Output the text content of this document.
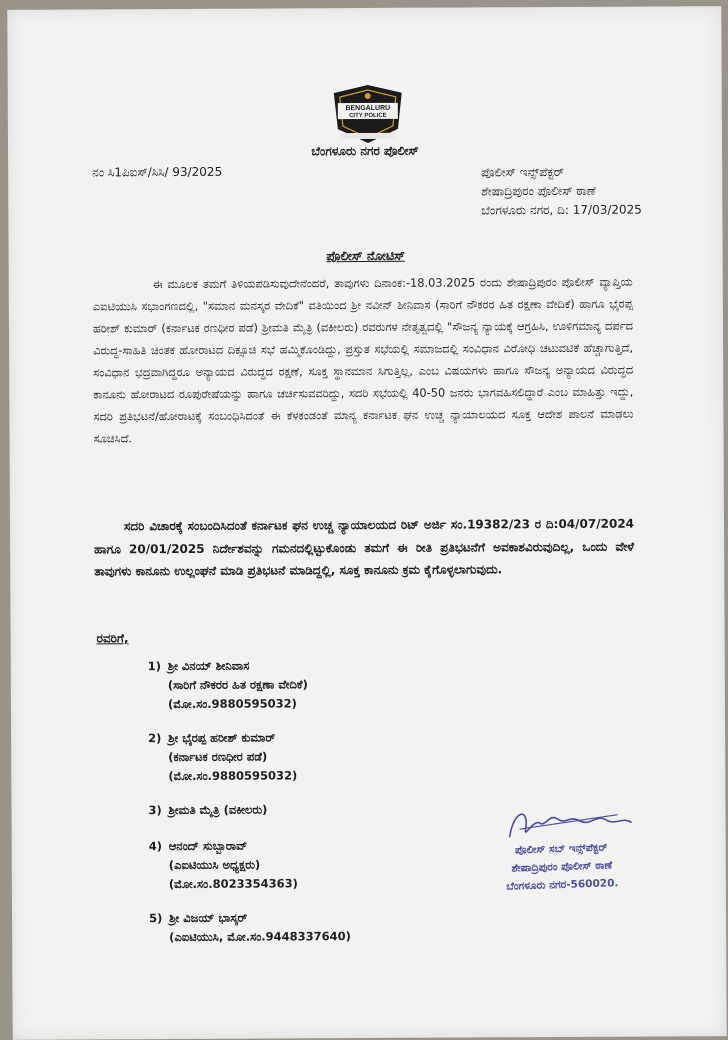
BENGALURU
CITY POLICE
ಬೆಂಗಳೂರು ನಗರ ಪೊಲೀಸ್
ನಂ ಸಿ1ಪಿಐಸ್/ಸಿಸಿ/ 93/2025	ಪೊಲೀಸ್ ಇನ್ಸ್‌ಪೆಕ್ಟರ್
ಶೇಷಾದ್ರಿಪುರಂ ಪೊಲೀಸ್ ಠಾಣೆ
ಬೆಂಗಳೂರು ನಗರ, ದಿ: 17/03/2025
ಪೊಲೀಸ್ ನೋಟಿಸ್
ಈ ಮೂಲಕ ತಮಗೆ ತಿಳಿಯಪಡಿಸುವುದೇನೆಂದರೆ, ತಾವುಗಳು ದಿನಾಂಕ:-18.03.2025 ರಂದು ಶೇಷಾದ್ರಿಪುರಂ ಪೊಲೀಸ್ ವ್ಯಾಪ್ತಿಯ ಎಐಟಿಯುಸಿ ಸಭಾಂಗಣದಲ್ಲಿ, "ಸಮಾನ ಮನಸ್ಕರ ವೇದಿಕೆ" ವತಿಯಿಂದ ಶ್ರೀ ನವೀನ್ ಶೀನಿವಾಸ (ಸಾರಿಗೆ ನೌಕರರ ಹಿತ ರಕ್ಷಣಾ ವೇದಿಕೆ) ಹಾಗೂ ಭೈರಪ್ಪ ಹರೀಶ್ ಕುಮಾರ್ (ಕರ್ನಾಟಕ ರಣಧೀರ ಪಡೆ) ಶ್ರೀಮತಿ ಮೈತ್ರಿ (ವಕೀಲರು) ರವರುಗಳ ನೇತೃತ್ವದಲ್ಲಿ "ಸೌಜನ್ಯ ನ್ಯಾಯಕ್ಕೆ ಆಗ್ರಹಿಸಿ, ಊಳಿಗಮಾನ್ಯ ದರ್ಪದ ವಿರುದ್ಧ-ಸಾಹಿತಿ ಚಿಂತಕ ಹೋರಾಟದ ದಿಕ್ಸೂಚಿ ಸಭೆ ಹಮ್ಮಿಕೊಂಡಿದ್ದು, ಪ್ರಸ್ತುತ ಸಭೆಯಲ್ಲಿ ಸಮಾಜದಲ್ಲಿ ಸಂವಿಧಾನ ವಿರೋಧಿ ಚಟುವಟಿಕೆ ಹೆಚ್ಚಾಗುತ್ತಿದೆ, ಸಂವಿಧಾನ ಭದ್ರವಾಗಿದ್ದರೂ ಅನ್ಯಾಯದ ವಿರುದ್ಧದ ರಕ್ಷಣೆ, ಸೂಕ್ತ ಸ್ಥಾನಮಾನ ಸಿಗುತ್ತಿಲ್ಲ, ಎಂಬ ವಿಷಯಗಳು ಹಾಗೂ ಸೌಜನ್ಯ ಅನ್ಯಾಯದ ವಿರುದ್ಧದ ಕಾನೂನು ಹೋರಾಟದ ರೂಪುರೇಷೆಯನ್ನು ಹಾಗೂ ಚರ್ಚಿಸುವವರಿದ್ದು, ಸದರಿ ಸಭೆಯಲ್ಲಿ 40-50 ಜನರು ಭಾಗವಹಿಸಲಿದ್ದಾರೆ ಎಂಬ ಮಾಹಿತ್ತು ಇದ್ದು, ಸದರಿ ಪ್ರತಿಭಟನೆ/ಹೋರಾಟಕ್ಕೆ ಸಂಬಂಧಿಸಿದಂತೆ ಈ ಕೆಳಕಂಡಂತೆ ಮಾನ್ಯ ಕರ್ನಾಟಕ ಘನ ಉಚ್ಚ ನ್ಯಾಯಾಲಯದ ಸೂಕ್ತ ಆದೇಶ ಪಾಲನೆ ಮಾಡಲು ಸೂಚಿಸಿದೆ.
ಸದರಿ ವಿಚಾರಕ್ಕೆ ಸಂಬಂದಿಸಿದಂತೆ ಕರ್ನಾಟಕ ಘನ ಉಚ್ಚ ನ್ಯಾಯಾಲಯದ ರಿಟ್ ಅರ್ಜಿ ಸಂ.19382/23 ರ ದಿ:04/07/2024 ಹಾಗೂ 20/01/2025 ನಿರ್ದೇಶವನ್ನು ಗಮನದಲ್ಲಿಟ್ಟುಕೊಂಡು ತಮಗೆ ಈ ರೀತಿ ಪ್ರತಿಭಟನೆಗೆ ಅವಕಾಶವಿರುವುದಿಲ್ಲ, ಒಂದು ವೇಳೆ ತಾವುಗಳು ಕಾನೂನು ಉಲ್ಲಂಘನೆ ಮಾಡಿ ಪ್ರತಿಭಟನೆ ಮಾಡಿದ್ದಲ್ಲಿ, ಸೂಕ್ತ ಕಾನೂನು ಕ್ರಮ ಕೈಗೊಳ್ಳಲಾಗುವುದು.
ರವರಿಗೆ,
1) ಶ್ರೀ ವಿನಯ್ ಶೀನಿವಾಸ
(ಸಾರಿಗೆ ನೌಕರರ ಹಿತ ರಕ್ಷಣಾ ವೇದಿಕೆ)
(ಮೋ.ಸಂ.9880595032)
2) ಶ್ರೀ ಭೈರಪ್ಪ ಹರೀಶ್ ಕುಮಾರ್
(ಕರ್ನಾಟಕ ರಣಧೀರ ಪಡೆ)
(ಮೋ.ಸಂ.9880595032)
3) ಶ್ರೀಮತಿ ಮೈತ್ರಿ (ವಕೀಲರು)
4) ಆನಂದ್ ಸುಬ್ಬಾರಾವ್
(ಎಐಟಿಯುಸಿ ಅಧ್ಯಕ್ಷರು)
(ಮೋ.ಸಂ.8023354363)
5) ಶ್ರೀ ವಿಜಯ್ ಭಾಸ್ಕರ್
(ಎಐಟಿಯುಸಿ, ಮೋ.ಸಂ.9448337640)
ಪೊಲೀಸ್ ಸಬ್ ಇನ್ಸ್‌ಪೆಕ್ಟರ್
ಶೇಷಾದ್ರಿಪುರಂ ಪೊಲೀಸ್ ಠಾಣೆ
ಬೆಂಗಳೂರು ನಗರ-560020.
